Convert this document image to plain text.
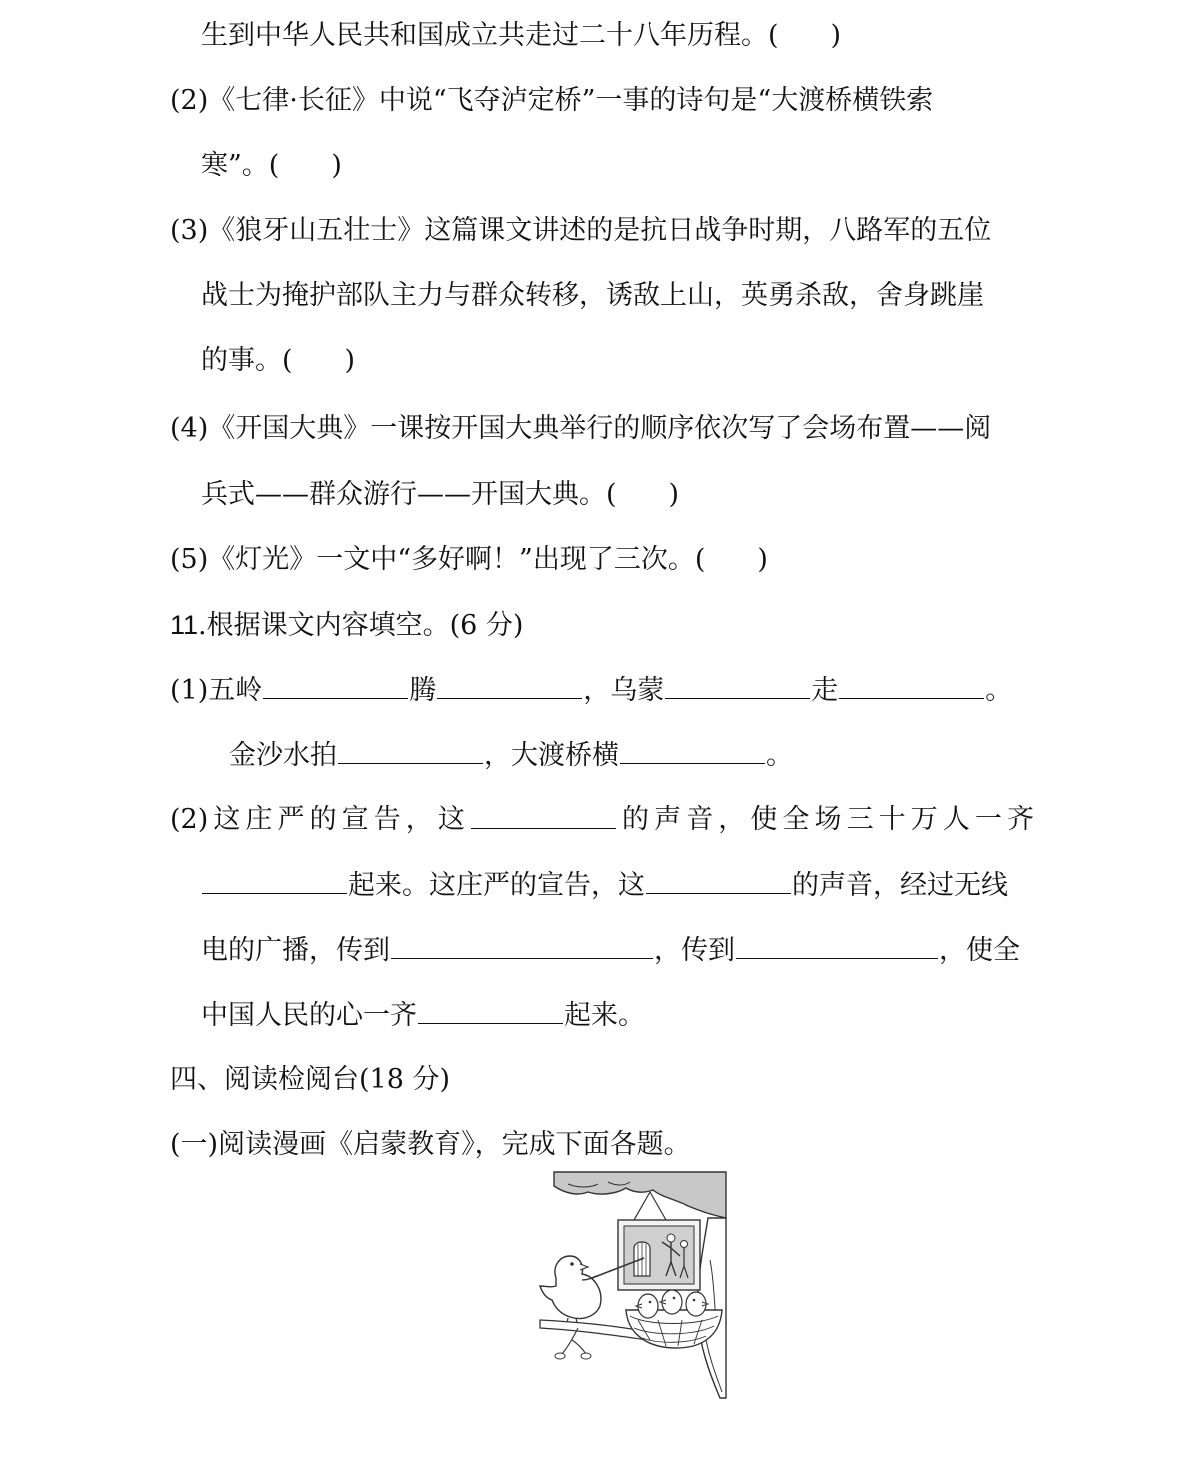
生到中华人民共和国成立共走过二十八年历程。( )
(2)《七律·长征》中说“飞夺泸定桥”一事的诗句是“大渡桥横铁索
寒”。( )
(3)《狼牙山五壮士》这篇课文讲述的是抗日战争时期，八路军的五位
战士为掩护部队主力与群众转移，诱敌上山，英勇杀敌，舍身跳崖
的事。( )
(4)《开国大典》一课按开国大典举行的顺序依次写了会场布置——阅
兵式——群众游行——开国大典。( )
(5)《灯光》一文中“多好啊！”出现了三次。( )
11.根据课文内容填空。(6 分)
(1)五岭	腾	，乌蒙	走	。
金沙水拍	，大渡桥横	。
(2) 这 庄 严 的 宣 告 ， 这	的 声 音 ， 使 全 场 三 十 万 人 一 齐
起来。这庄严的宣告，这	的声音，经过无线
电的广播，传到	，传到	，使全
中国人民的心一齐	起来。
四、阅读检阅台(18 分)
(一)阅读漫画《启蒙教育》，完成下面各题。
